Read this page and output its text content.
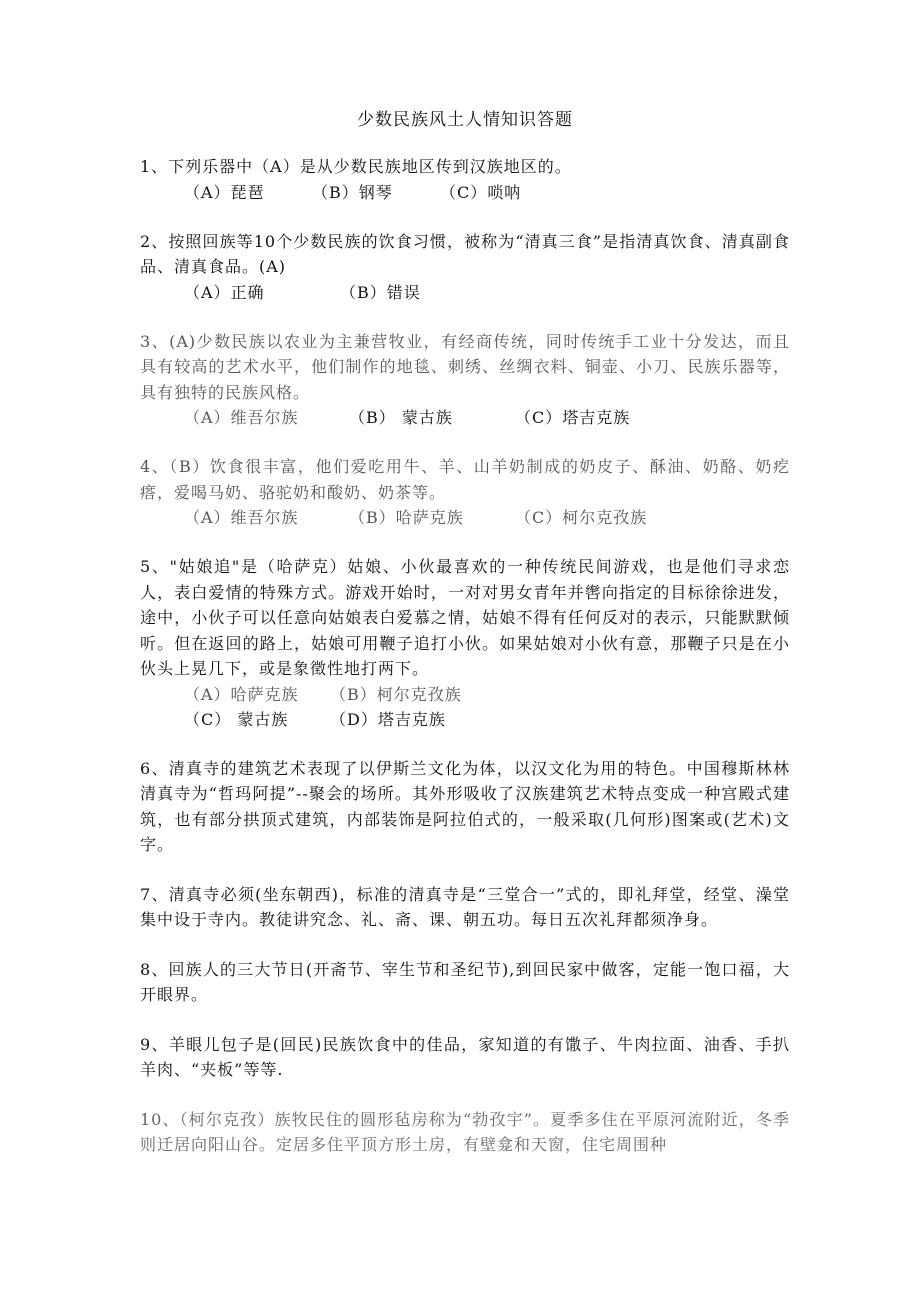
少数民族风土人情知识答题

1、下列乐器中（A）是从少数民族地区传到汉族地区的。

（A）琵琶	（B）钢琴	（C）唢呐

2、按照回族等10个少数民族的饮食习惯，被称为“清真三食”是指清真饮食、清真副食品、清真食品。(A)

（A）正确	（B）错误

3、(A)少数民族以农业为主兼营牧业，有经商传统，同时传统手工业十分发达，而且具有较高的艺术水平，他们制作的地毯、刺绣、丝绸衣料、铜壶、小刀、民族乐器等，具有独特的民族风格。

（A）维吾尔族	（B） 蒙古族	（C）塔吉克族

4、（B）饮食很丰富，他们爱吃用牛、羊、山羊奶制成的奶皮子、酥油、奶酪、奶疙瘩，爱喝马奶、骆驼奶和酸奶、奶茶等。

（A）维吾尔族	（B）哈萨克族	（C）柯尔克孜族

5、"姑娘追"是（哈萨克）姑娘、小伙最喜欢的一种传统民间游戏，也是他们寻求恋人，表白爱情的特殊方式。游戏开始时，一对对男女青年并辔向指定的目标徐徐进发，途中，小伙子可以任意向姑娘表白爱慕之情，姑娘不得有任何反对的表示，只能默默倾听。但在返回的路上，姑娘可用鞭子追打小伙。如果姑娘对小伙有意，那鞭子只是在小伙头上晃几下，或是象徵性地打两下。

（A）哈萨克族 （B）柯尔克孜族
（C） 蒙古族	（D）塔吉克族

6、清真寺的建筑艺术表现了以伊斯兰文化为体，以汉文化为用的特色。中国穆斯林林清真寺为“哲玛阿提”--聚会的场所。其外形吸收了汉族建筑艺术特点变成一种宫殿式建筑，也有部分拱顶式建筑，内部装饰是阿拉伯式的，一般采取(几何形)图案或(艺术)文字。

7、清真寺必须(坐东朝西)，标准的清真寺是“三堂合一”式的，即礼拜堂，经堂、澡堂集中设于寺内。教徒讲究念、礼、斋、课、朝五功。每日五次礼拜都须净身。

8、回族人的三大节日(开斋节、宰生节和圣纪节),到回民家中做客，定能一饱口福，大开眼界。

9、羊眼儿包子是(回民)民族饮食中的佳品，家知道的有馓子、牛肉拉面、油香、手扒羊肉、“夹板”等等.

10、（柯尔克孜）族牧民住的圆形毡房称为“勃孜宇”。夏季多住在平原河流附近，冬季则迁居向阳山谷。定居多住平顶方形土房，有壁龛和天窗，住宅周围种
